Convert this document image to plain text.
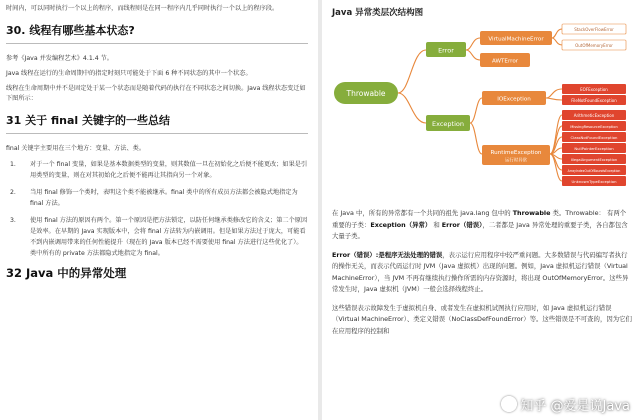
时间内，可以同时执行一个以上的程序，而线程则是在同一程序内几乎同时执行一个以上的程序段。

30. 线程有哪些基本状态?

参考《Java 并发编程艺术》4.1.4 节。

Java 线程在运行的生命周期中的指定时刻只可能处于下面 6 种不同状态的其中一个状态。

线程在生命周期中并不是固定处于某一个状态而是随着代码的执行在不同状态之间切换。Java 线程状态变迁如下图所示：

31 关于 final 关键字的一些总结

final 关键字主要用在三个地方：变量、方法、类。

1.	对于一个 final 变量，如果是基本数据类型的变量，则其数值一旦在初始化之后便不能更改；如果是引用类型的变量，则在对其初始化之后便不能再让其指向另一个对象。
2.	当用 final 修饰一个类时，表明这个类不能被继承。final 类中的所有成员方法都会被隐式地指定为 final 方法。
3.	使用 final 方法的原因有两个。第一个原因是把方法锁定，以防任何继承类修改它的含义；第二个原因是效率。在早期的 Java 实现版本中，会将 final 方法转为内嵌调用。但是如果方法过于庞大，可能看不到内嵌调用带来的任何性能提升（现在的 Java 版本已经不需要使用 final 方法进行这些优化了）。类中所有的 private 方法都隐式地指定为 final。
32 Java 中的异常处理
Java 异常类层次结构图
Throwable
Error
Exception
VirtualMachineError
AWTError
IOException
RuntimeException
运行时异常
StackOverFlowError
OutOfMemoryError
EOFException
FileNotFoundException
ArithmeticException
MissingResourceException
ClassNotFoundException
NullPointerException
IllegalArgumentException
ArrayIndexOutOfBoundsException
UnknownTypeException

在 Java 中，所有的异常都有一个共同的祖先 java.lang 包中的 Throwable 类。Throwable： 有两个重要的子类：Exception（异常） 和 Error（错误），二者都是 Java 异常处理的重要子类，各自都包含大量子类。

Error（错误）:是程序无法处理的错误，表示运行应用程序中较严重问题。大多数错误与代码编写者执行的操作无关，而表示代码运行时 JVM（Java 虚拟机）出现的问题。例如，Java 虚拟机运行错误（Virtual MachineError），当 JVM 不再有继续执行操作所需的内存资源时，将出现 OutOfMemoryError。这些异常发生时，Java 虚拟机（JVM）一般会选择线程终止。

这些错误表示故障发生于虚拟机自身、或者发生在虚拟机试图执行应用时，如 Java 虚拟机运行错误（Virtual MachineError）、类定义错误（NoClassDefFoundError）等。这些错误是不可查的，因为它们在应用程序的控制和

知乎 @爱是说Java
